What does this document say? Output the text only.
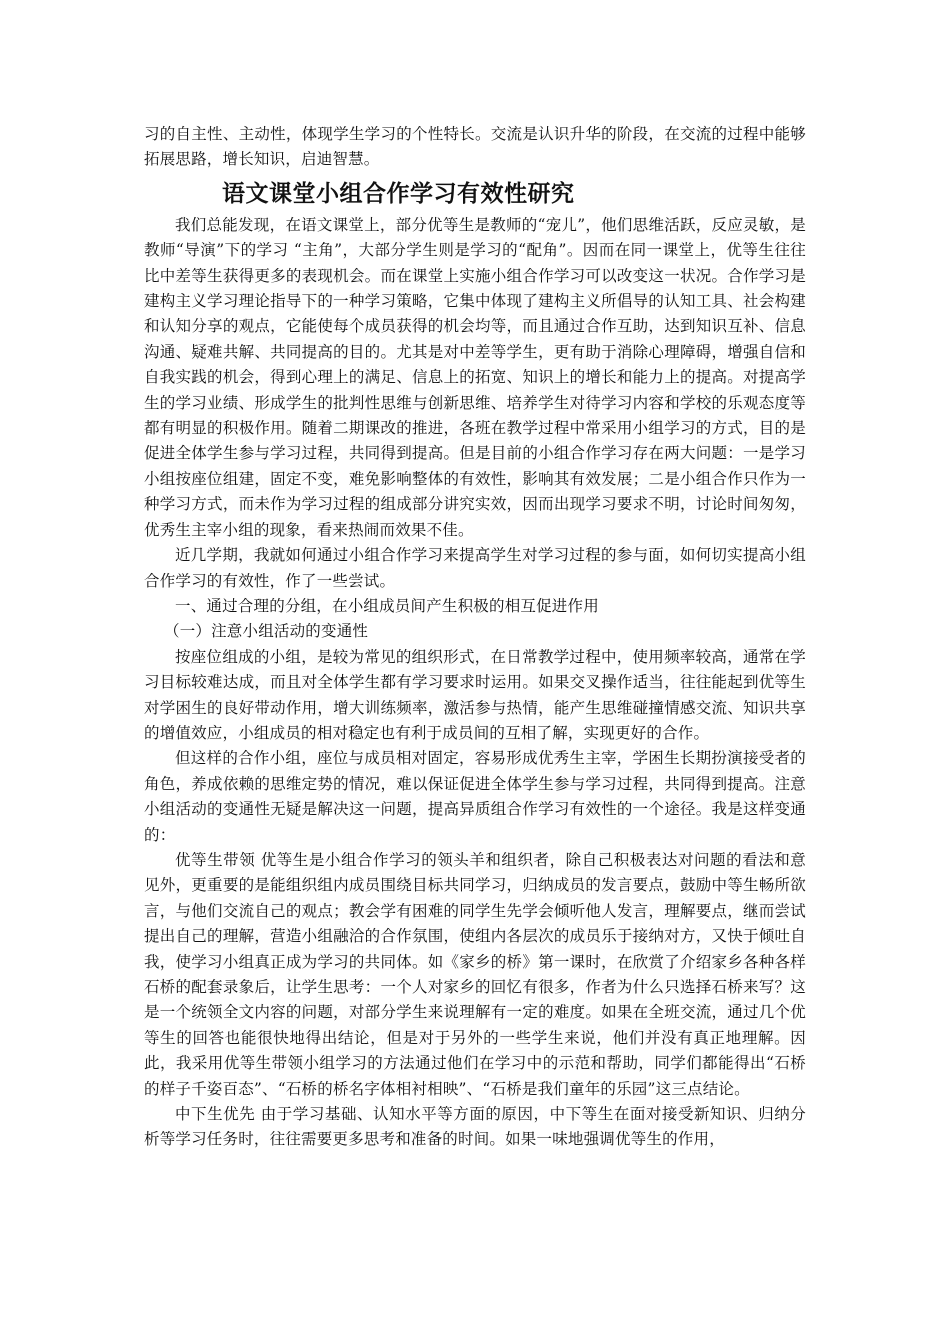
习的自主性、主动性，体现学生学习的个性特长。交流是认识升华的阶段，在交流的过程中能够拓展思路，增长知识，启迪智慧。

语文课堂小组合作学习有效性研究

我们总能发现，在语文课堂上，部分优等生是教师的“宠儿”，他们思维活跃，反应灵敏，是教师“导演”下的学习 “主角”，大部分学生则是学习的“配角”。因而在同一课堂上，优等生往往比中差等生获得更多的表现机会。而在课堂上实施小组合作学习可以改变这一状况。合作学习是建构主义学习理论指导下的一种学习策略，它集中体现了建构主义所倡导的认知工具、社会构建和认知分享的观点，它能使每个成员获得的机会均等，而且通过合作互助，达到知识互补、信息沟通、疑难共解、共同提高的目的。尤其是对中差等学生，更有助于消除心理障碍，增强自信和自我实践的机会，得到心理上的满足、信息上的拓宽、知识上的增长和能力上的提高。对提高学生的学习业绩、形成学生的批判性思维与创新思维、培养学生对待学习内容和学校的乐观态度等都有明显的积极作用。随着二期课改的推进，各班在教学过程中常采用小组学习的方式，目的是促进全体学生参与学习过程，共同得到提高。但是目前的小组合作学习存在两大问题：一是学习小组按座位组建，固定不变，难免影响整体的有效性，影响其有效发展；二是小组合作只作为一种学习方式，而未作为学习过程的组成部分讲究实效，因而出现学习要求不明，讨论时间匆匆，优秀生主宰小组的现象，看来热闹而效果不佳。

近几学期，我就如何通过小组合作学习来提高学生对学习过程的参与面，如何切实提高小组合作学习的有效性，作了一些尝试。

一、通过合理的分组，在小组成员间产生积极的相互促进作用

（一）注意小组活动的变通性

按座位组成的小组，是较为常见的组织形式，在日常教学过程中，使用频率较高，通常在学习目标较难达成，而且对全体学生都有学习要求时运用。如果交叉操作适当，往往能起到优等生对学困生的良好带动作用，增大训练频率，激活参与热情，能产生思维碰撞情感交流、知识共享的增值效应，小组成员的相对稳定也有利于成员间的互相了解，实现更好的合作。

但这样的合作小组，座位与成员相对固定，容易形成优秀生主宰，学困生长期扮演接受者的角色，养成依赖的思维定势的情况，难以保证促进全体学生参与学习过程，共同得到提高。注意小组活动的变通性无疑是解决这一问题，提高异质组合作学习有效性的一个途径。我是这样变通的：

优等生带领 优等生是小组合作学习的领头羊和组织者，除自己积极表达对问题的看法和意见外，更重要的是能组织组内成员围绕目标共同学习，归纳成员的发言要点，鼓励中等生畅所欲言，与他们交流自己的观点；教会学有困难的同学生先学会倾听他人发言，理解要点，继而尝试提出自己的理解，营造小组融洽的合作氛围，使组内各层次的成员乐于接纳对方，又快于倾吐自我，使学习小组真正成为学习的共同体。如《家乡的桥》第一课时，在欣赏了介绍家乡各种各样石桥的配套录象后，让学生思考：一个人对家乡的回忆有很多，作者为什么只选择石桥来写？这是一个统领全文内容的问题，对部分学生来说理解有一定的难度。如果在全班交流，通过几个优等生的回答也能很快地得出结论，但是对于另外的一些学生来说，他们并没有真正地理解。因此，我采用优等生带领小组学习的方法通过他们在学习中的示范和帮助，同学们都能得出“石桥的样子千姿百态”、“石桥的桥名字体相衬相映”、“石桥是我们童年的乐园”这三点结论。

中下生优先 由于学习基础、认知水平等方面的原因，中下等生在面对接受新知识、归纳分析等学习任务时，往往需要更多思考和准备的时间。如果一味地强调优等生的作用，
